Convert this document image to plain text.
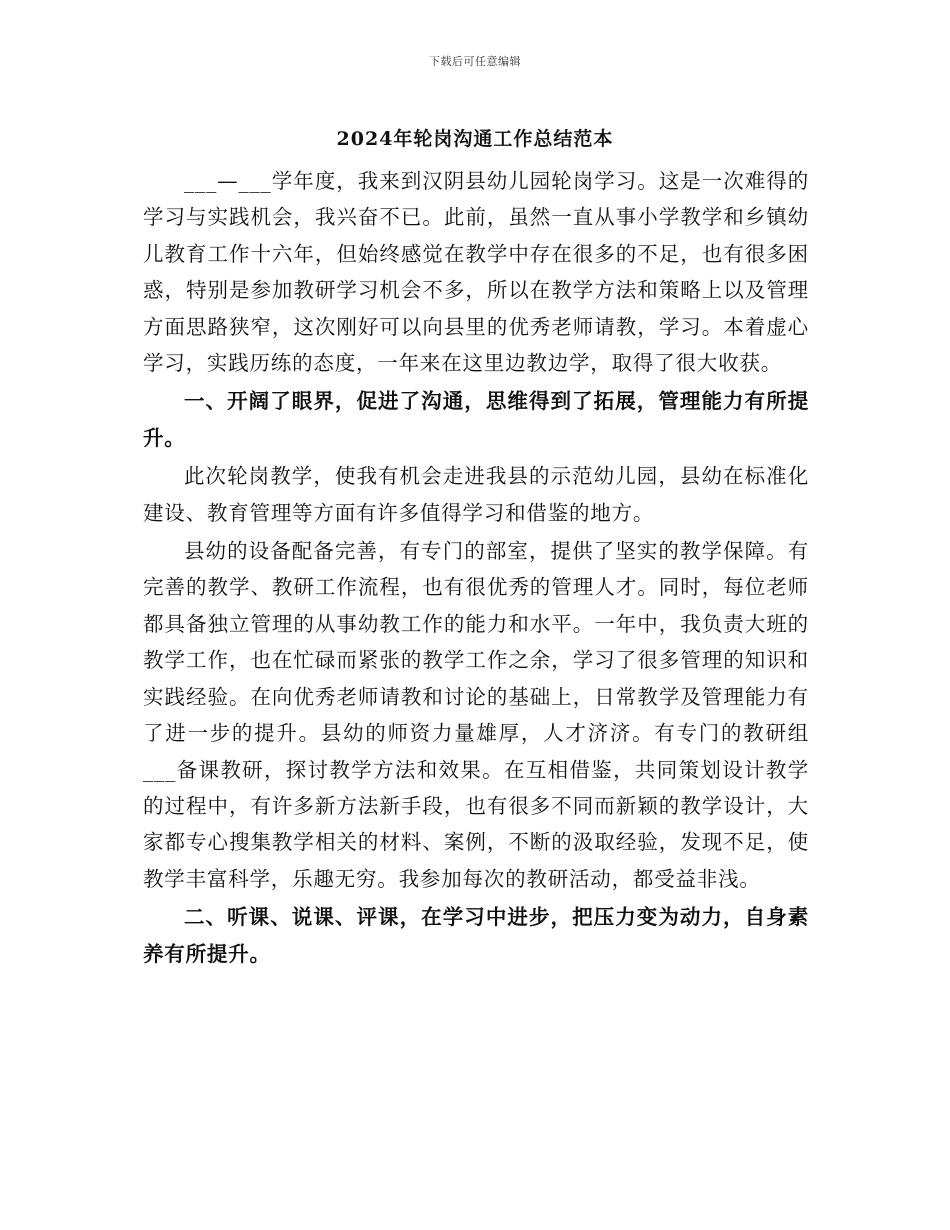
下载后可任意编辑
2024年轮岗沟通工作总结范本

___—___学年度，我来到汉阴县幼儿园轮岗学习。这是一次难得的学习与实践机会，我兴奋不已。此前，虽然一直从事小学教学和乡镇幼儿教育工作十六年，但始终感觉在教学中存在很多的不足，也有很多困惑，特别是参加教研学习机会不多，所以在教学方法和策略上以及管理方面思路狭窄，这次刚好可以向县里的优秀老师请教，学习。本着虚心学习，实践历练的态度，一年来在这里边教边学，取得了很大收获。

一、开阔了眼界，促进了沟通，思维得到了拓展，管理能力有所提升。

此次轮岗教学，使我有机会走进我县的示范幼儿园，县幼在标准化建设、教育管理等方面有许多值得学习和借鉴的地方。

县幼的设备配备完善，有专门的部室，提供了坚实的教学保障。有完善的教学、教研工作流程，也有很优秀的管理人才。同时，每位老师都具备独立管理的从事幼教工作的能力和水平。一年中，我负责大班的教学工作，也在忙碌而紧张的教学工作之余，学习了很多管理的知识和实践经验。在向优秀老师请教和讨论的基础上，日常教学及管理能力有了进一步的提升。县幼的师资力量雄厚，人才济济。有专门的教研组___备课教研，探讨教学方法和效果。在互相借鉴，共同策划设计教学的过程中，有许多新方法新手段，也有很多不同而新颖的教学设计，大家都专心搜集教学相关的材料、案例，不断的汲取经验，发现不足，使教学丰富科学，乐趣无穷。我参加每次的教研活动，都受益非浅。

二、听课、说课、评课，在学习中进步，把压力变为动力，自身素养有所提升。
